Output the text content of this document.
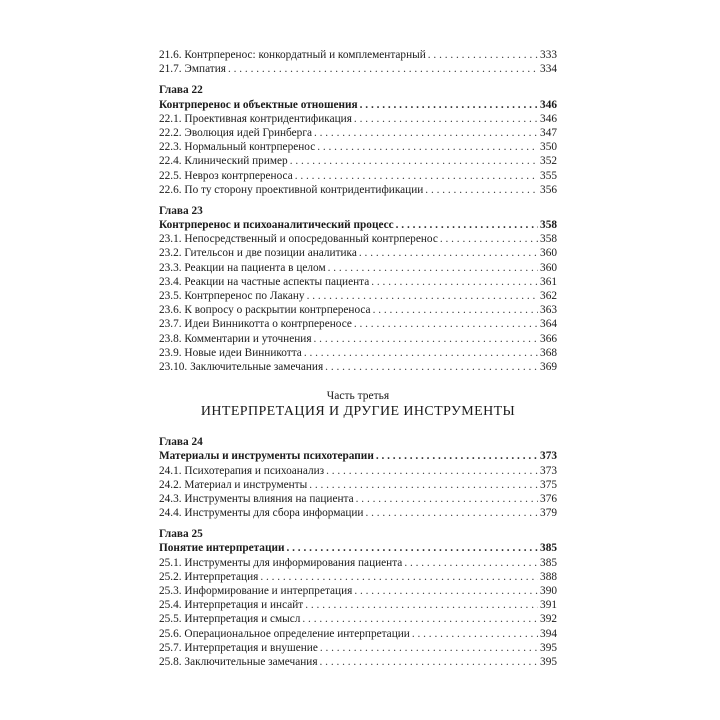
21.6. Контрперенос: конкордатный и комплементарный . . .	333
21.7. Эмпатия . . .	334
Глава 22
Контрперенос и объектные отношения . . .	346
22.1. Проективная контридентификация . . .	346
22.2. Эволюция идей Гринберга . . .	347
22.3. Нормальный контрперенос . . .	350
22.4. Клинический пример . . .	352
22.5. Невроз контрпереноса . . .	355
22.6. По ту сторону проективной контридентификации . . .	356
Глава 23
Контрперенос и психоаналитический процесс . . .	358
23.1. Непосредственный и опосредованный контрперенос . . .	358
23.2. Гительсон и две позиции аналитика . . .	360
23.3. Реакции на пациента в целом . . .	360
23.4. Реакции на частные аспекты пациента . . .	361
23.5. Контрперенос по Лакану . . .	362
23.6. К вопросу о раскрытии контрпереноса . . .	363
23.7. Идеи Винникотта о контрпереносе . . .	364
23.8. Комментарии и уточнения . . .	366
23.9. Новые идеи Винникотта . . .	368
23.10. Заключительные замечания . . .	369
Часть третья
ИНТЕРПРЕТАЦИЯ И ДРУГИЕ ИНСТРУМЕНТЫ
Глава 24
Материалы и инструменты психотерапии . . .	373
24.1. Психотерапия и психоанализ . . .	373
24.2. Материал и инструменты . . .	375
24.3. Инструменты влияния на пациента . . .	376
24.4. Инструменты для сбора информации . . .	379
Глава 25
Понятие интерпретации . . .	385
25.1. Инструменты для информирования пациента . . .	385
25.2. Интерпретация . . .	388
25.3. Информирование и интерпретация . . .	390
25.4. Интерпретация и инсайт . . .	391
25.5. Интерпретация и смысл . . .	392
25.6. Операциональное определение интерпретации . . .	394
25.7. Интерпретация и внушение . . .	395
25.8. Заключительные замечания . . .	395
